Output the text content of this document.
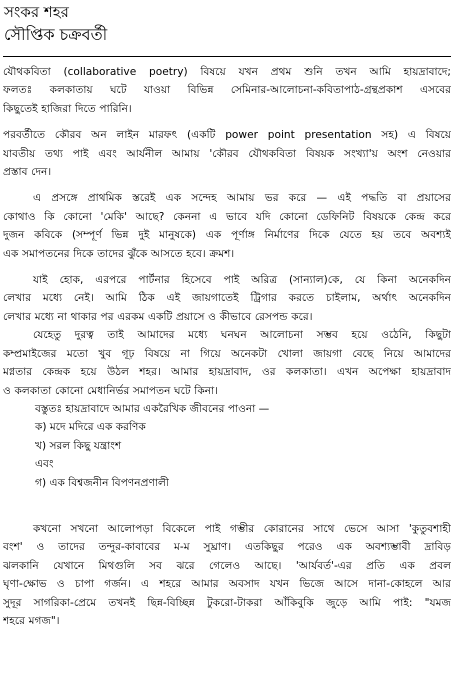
সংকর শহর
সৌপ্তিক চক্রবর্তী
যৌথকবিতা (collaborative poetry) বিষয়ে যখন প্রথম শুনি তখন আমি হায়দ্রাবাদে;
ফলতঃ কলকাতায় ঘটে যাওয়া বিভিন্ন সেমিনার-আলোচনা-কবিতাপাঠ-গ্রন্থপ্রকাশ এসবের
কিছুতেই হাজিরা দিতে পারিনি।
পরবর্তীতে কৌরব অন লাইন মারফৎ (একটি power point presentation সহ) এ বিষয়ে
যাবতীয় তথ্য পাই এবং আর্যনীল আমায় 'কৌরব যৌথকবিতা বিষয়ক সংখ্যা'য় অংশ নেওয়ার
প্রস্তাব দেন।
এ প্রসঙ্গে প্রাথমিক স্তরেই এক সন্দেহ আমায় ভর করে — এই পদ্ধতি বা প্রয়াসের
কোথাও কি কোনো 'মেকি' আছে? কেননা এ ভাবে যদি কোনো ডেফিনিট বিষয়কে কেন্দ্র করে
দুজন কবিকে (সম্পূর্ণ ভিন্ন দুই মানুষকে) এক পূর্ণাঙ্গ নির্মাণের দিকে যেতে হয় তবে অবশ্যই
এক সমাপতনের দিকে তাদের ঝুঁকে আসতে হবে। ক্রমশ।
যাই হোক, এরপরে পার্টনার হিসেবে পাই অরিত্র (সান্যাল)কে, যে কিনা অনেকদিন
লেখার মধ্যে নেই। আমি ঠিক এই জায়গাতেই ট্রিগার করতে চাইলাম, অর্থাৎ অনেকদিন
লেখার মধ্যে না থাকার পর এরকম একটি প্রয়াসে ও কীভাবে রেসপন্ড করে।
যেহেতু দুরত্ব তাই আমাদের মধ্যে ঘনঘন আলোচনা সম্ভব হয়ে ওঠেনি, কিছুটা
কম্প্রমাইজের মতো খুব গূঢ় বিষয়ে না গিয়ে অনেকটা খোলা জায়গা বেছে নিয়ে আমাদের
মগ্নতার কেন্দ্রক হয়ে উঠল শহর। আমার হায়দ্রাবাদ, ওর কলকাতা। এখন অপেক্ষা হায়দ্রাবাদ
ও কলকাতা কোনো মেধানির্ভর সমাপতন ঘটে কিনা।
বস্তুতঃ হায়দ্রাবাদে আমার একরৈখিক জীবনের পাওনা —
ক) মদে মদিরে এক করণিক
খ) সরল কিছু যন্ত্রাংশ
এবং
গ) এক বিশ্বজনীন বিপণনপ্রণালী
কখনো সখনো আলোপড়া বিকেলে পাই গম্ভীর কোরানের সাথে ভেসে আসা 'কুতুবশাহী
বংশ' ও তাদের তন্দুর-কাবাবের ম-ম সুঘ্রাণ। এতকিছুর পরেও এক অবশ্যম্ভাবী দ্রাবিড়
ঝলকানি যেখানে মিথগুলি সব ঝরে গেলেও আছে। 'আর্যবর্ত'-এর প্রতি এক প্রবল
ঘৃণা-ক্ষোভ ও চাপা গর্জন। এ শহরে আমার অবসাদ যখন ভিজে আসে দানা-কোহলে আর
সুদূর সাগরিকা-প্রেমে তখনই ছিন্ন-বিচ্ছিন্ন টুকরো-টাকরা আঁকিবুকি জুড়ে আমি পাই: "যমজ
শহরে মগজ"।
